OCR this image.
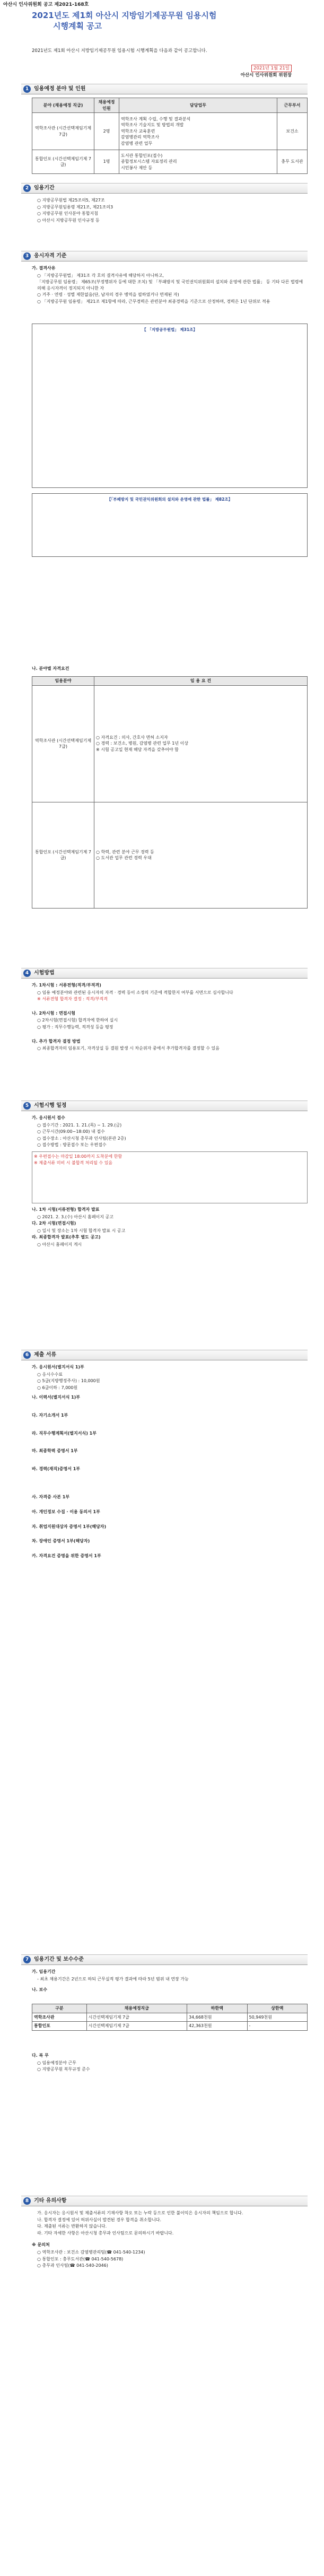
아산시 인사위원회 공고 제2021-168호
2021년도 제1회 아산시 지방임기제공무원 임용시험
시행계획 공고
2021년도 제1회 아산시 지방임기제공무원 임용시험 시행계획을 다음과 같이 공고합니다.
2021년 1월 21일
아산시 인사위원회 위원장
1 임용예정 분야 및 인원
분야 (채용예정 직급)	채용예정 인원	담당업무	근무부서
역학조사관 (시간선택제임기제 7급)	2명	역학조사 계획 수립, 수행 및 결과분석
역학조사 기술지도 및 방법의 개발
역학조사 교육훈련
감염병관리 역학조사
감염병 관련 업무	보건소
통합인포 (시간선택제임기제 7급)	1명	도서관 통합인포(접수)
종합정보시스템 자료정리 관리
시민봉사 제안 등	충무 도서관
2 임용기간
○ 지방공무원법 제25조의5, 제27조
○ 지방공무원임용령 제21조, 제21조의3
○ 지방공무원 인사분야 통합지침
○ 아산시 지방공무원 인사규정 등
3 응시자격 기준
가. 결격사유
○ 「지방공무원법」 제31조 각 호의 결격사유에 해당하지 아니하고,
「지방공무원 임용령」 제65조(부정행위자 등에 대한 조치) 및 「부패방지 및 국민권익위원회의 설치와 운영에 관한 법률」 등 기타 다른 법령에 의해 응시자격이 정지되지 아니한 자
○ 거주 · 연령 · 성별 제한없음(단, 남자의 경우 병역을 필하였거나 면제된 자)
○ 「지방공무원 임용령」 제21조 제1항에 따라, 근무경력은 관련분야 최종경력을 기준으로 산정하며, 경력은 1년 단위로 적용
【 「지방공무원법」 제31조】
【「부패방지 및 국민권익위원회의 설치와 운영에 관한 법률」 제82조】
나. 분야별 자격요건
임용분야	임 용 요 건
역학조사관 (시간선택제임기제 7급)	○ 자격요건 : 의사, 간호사 면허 소지자
○ 경력 : 보건소, 병원, 감염병 관련 업무 1년 이상
※ 시험 공고일 현재 해당 자격을 갖추어야 함

통합인포 (시간선택제임기제 7급)	○ 학력, 관련 분야 근무 경력 등
○ 도서관 업무 관련 경력 우대
4 시험방법
가. 1차시험 : 서류전형(적격/부적격)
○ 임용 예정분야와 관련된 응시자의 자격 · 경력 등이 소정의 기준에 적합한지 여부를 서면으로 심사합니다
※ 서류전형 합격자 결정 : 적격/부적격
나. 2차시험 : 면접시험
○ 2차시험(면접시험) 합격자에 한하여 실시
○ 평가 : 직무수행능력, 적격성 등을 평정
다. 추가 합격자 결정 방법
○ 최종합격자의 임용포기, 자격상실 등 결원 발생 시 차순위자 중에서 추가합격자를 결정할 수 있음
5 시험시행 일정
가. 응시원서 접수
○ 접수기간 : 2021. 1. 21.(목) ~ 1. 29.(금)
○ 근무시간(09:00~18:00) 내 접수
○ 접수장소 : 아산시청 총무과 인사팀(본관 2층)
○ 접수방법 : 방문접수 또는 우편접수
※ 우편접수는 마감일 18:00까지 도착분에 한함
※ 제출서류 미비 시 불합격 처리될 수 있음
나. 1차 시험(서류전형) 합격자 발표
○ 2021. 2. 3.(수) 아산시 홈페이지 공고
다. 2차 시험(면접시험)
○ 일시 및 장소는 1차 시험 합격자 발표 시 공고
라. 최종합격자 발표(추후 별도 공고)
○ 아산시 홈페이지 게시
6 제출 서류
가. 응시원서(별지서식 1)부
○ 응시수수료
○ 5급(지방행정주사) : 10,000원
○ 6급이하 : 7,000원
나. 이력서(별지서식 1)부
다. 자기소개서 1부
라. 직무수행계획서(별지서식) 1부
마. 최종학력 증명서 1부
바. 경력(재직)증명서 1부
사. 자격증 사본 1부
아. 개인정보 수집 · 이용 동의서 1부
자. 취업지원대상자 증명서 1부(해당자)
차. 장애인 증명서 1부(해당자)
카. 자격요건 증명을 위한 증명서 1부
7 임용기간 및 보수수준
가. 임용기간
- 최초 채용기간은 2년으로 하되 근무실적 평가 결과에 따라 5년 범위 내 연장 가능
나. 보수
구분	채용예정직급	하한액	상한액
역학조사관	시간선택제임기제 7급	34,668천원	50,949천원
통합인포	시간선택제임기제 7급	42,363천원	-
다. 복 무
○ 임용예정분야 근무
○ 지방공무원 복무규정 준수
8 기타 유의사항
가. 응시자는 응시원서 및 제출서류의 기재사항 착오 또는 누락 등으로 인한 불이익은 응시자의 책임으로 합니다.
나. 합격자 결정에 있어 허위사실이 발견된 경우 합격을 취소합니다.
다. 제출된 서류는 반환하지 않습니다.
라. 기타 자세한 사항은 아산시청 총무과 인사팀으로 문의하시기 바랍니다.
※ 문의처
○ 역학조사관 : 보건소 감염병관리팀(☎ 041-540-1234)
○ 통합인포 : 충무도서관(☎ 041-540-5678)
○ 총무과 인사팀(☎ 041-540-2046)
